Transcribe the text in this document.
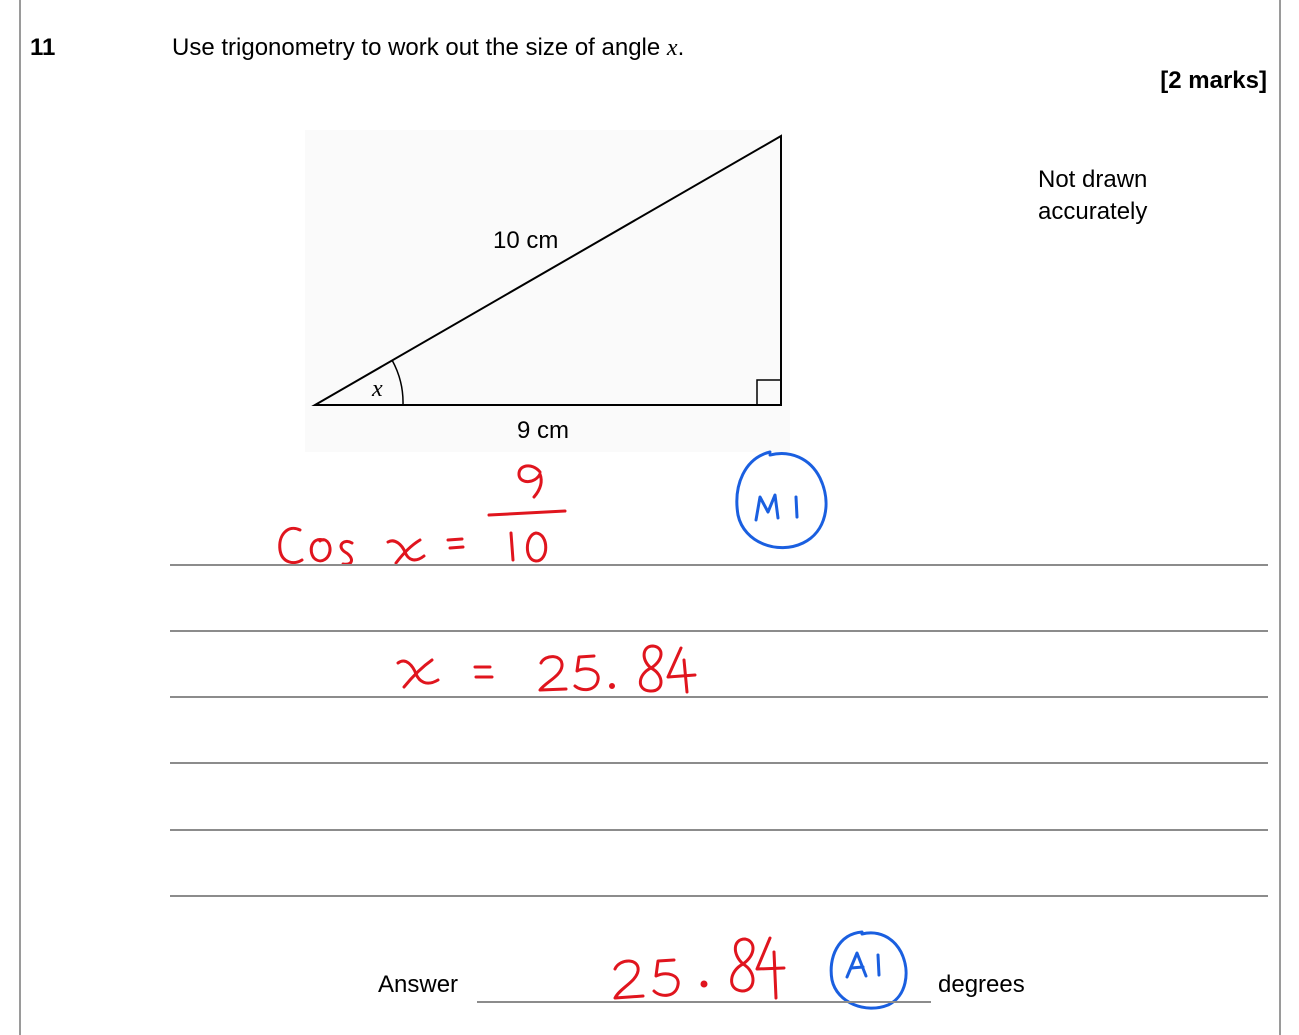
11	Use trigonometry to work out the size of angle x.
[2 marks]
Not drawn
accurately
x
10 cm
9 cm
Answer	degrees
